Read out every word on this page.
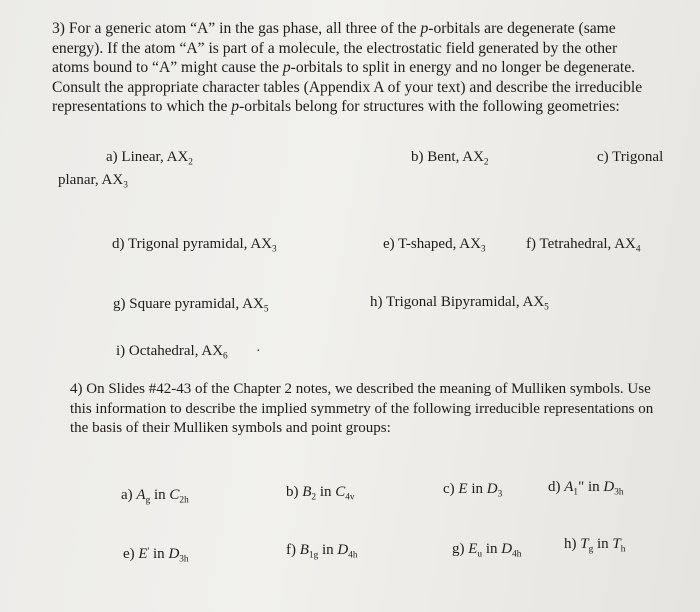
3) For a generic atom “A” in the gas phase, all three of the p-orbitals are degenerate (same
energy). If the atom “A” is part of a molecule, the electrostatic field generated by the other
atoms bound to “A” might cause the p-orbitals to split in energy and no longer be degenerate.
Consult the appropriate character tables (Appendix A of your text) and describe the irreducible
representations to which the p-orbitals belong for structures with the following geometries:
a) Linear, $AX_2$	b) Bent, $AX_2$	c) Trigonal
planar, $AX_3$
d) Trigonal pyramidal, $AX_3$	e) T-shaped, $AX_3$	f) Tetrahedral, $AX_4$
g) Square pyramidal, $AX_5$	h) Trigonal Bipyramidal, $AX_5$
i) Octahedral, $AX_6$ ·
4) On Slides #42-43 of the Chapter 2 notes, we described the meaning of Mulliken symbols. Use
this information to describe the implied symmetry of the following irreducible representations on
the basis of their Mulliken symbols and point groups:
a) $A_g$ in $C_{2h}$
b) $B_2$ in $C_{4v}$
c) E in $D_3$	d) $A_1$" in $D_{3h}$
e) E' in $D_{3h}$
f) $B_{1g}$ in $D_{4h}$	g) $E_u$ in $D_{4h}$
h) $T_g$ in $T_h$
